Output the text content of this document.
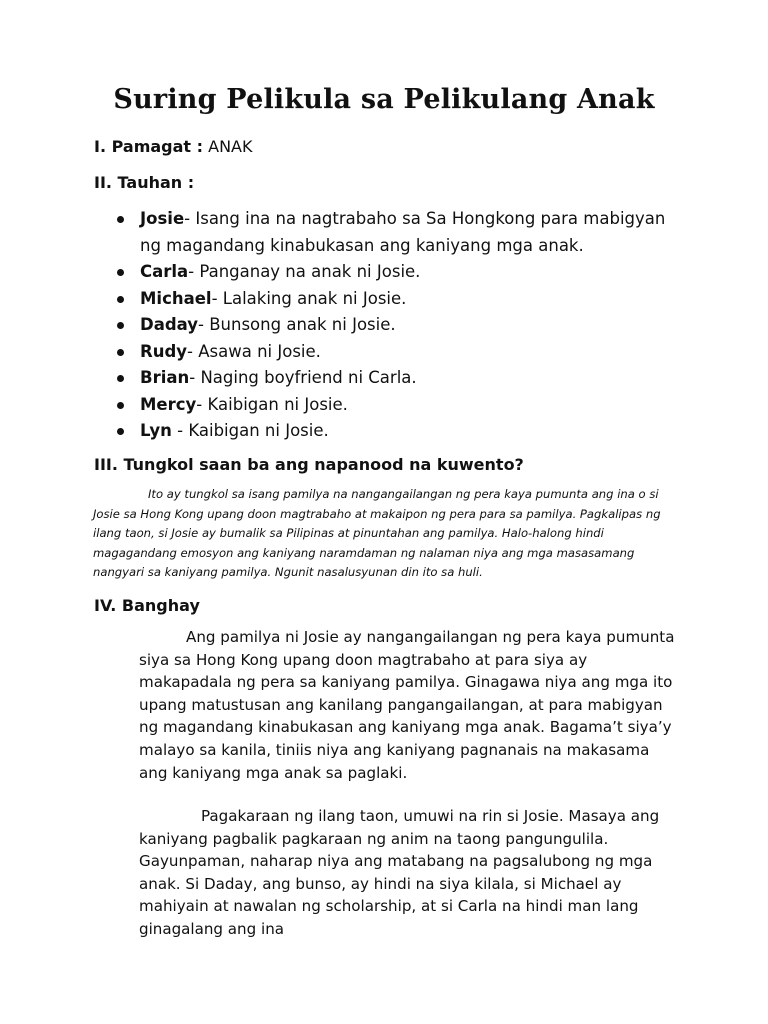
Suring Pelikula sa Pelikulang Anak
I. Pamagat : ANAK
II. Tauhan :
Josie- Isang ina na nagtrabaho sa Sa Hongkong para mabigyan ng magandang kinabukasan ang kaniyang mga anak.
Carla- Panganay na anak ni Josie.
Michael- Lalaking anak ni Josie.
Daday- Bunsong anak ni Josie.
Rudy- Asawa ni Josie.
Brian- Naging boyfriend ni Carla.
Mercy- Kaibigan ni Josie.
Lyn - Kaibigan ni Josie.
III. Tungkol saan ba ang napanood na kuwento?

Ito ay tungkol sa isang pamilya na nangangailangan ng pera kaya pumunta ang ina o si Josie sa Hong Kong upang doon magtrabaho at makaipon ng pera para sa pamilya. Pagkalipas ng ilang taon, si Josie ay bumalik sa Pilipinas at pinuntahan ang pamilya. Halo-halong hindi magagandang emosyon ang kaniyang naramdaman ng nalaman niya ang mga masasamang nangyari sa kaniyang pamilya. Ngunit nasalusyunan din ito sa huli.

IV. Banghay

Ang pamilya ni Josie ay nangangailangan ng pera kaya pumunta siya sa Hong Kong upang doon magtrabaho at para siya ay makapadala ng pera sa kaniyang pamilya. Ginagawa niya ang mga ito upang matustusan ang kanilang pangangailangan, at para mabigyan ng magandang kinabukasan ang kaniyang mga anak. Bagama’t siya’y malayo sa kanila, tiniis niya ang kaniyang pagnanais na makasama ang kaniyang mga anak sa paglaki.

Pagakaraan ng ilang taon, umuwi na rin si Josie. Masaya ang kaniyang pagbalik pagkaraan ng anim na taong pangungulila. Gayunpaman, naharap niya ang matabang na pagsalubong ng mga anak. Si Daday, ang bunso, ay hindi na siya kilala, si Michael ay mahiyain at nawalan ng scholarship, at si Carla na hindi man lang ginagalang ang ina
